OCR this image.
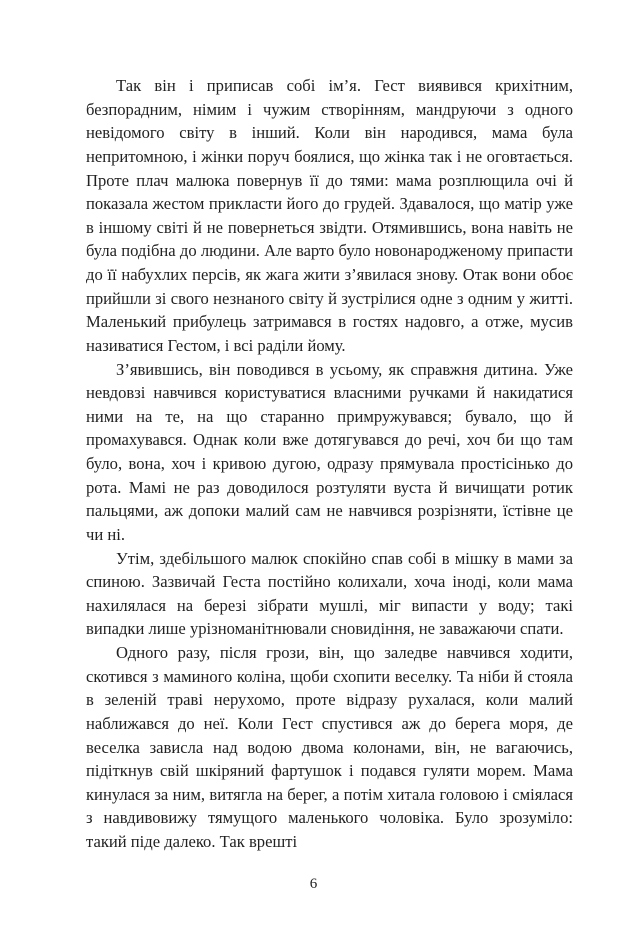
Так він і приписав собі ім’я. Гест виявився крихітним, безпорадним, німим і чужим створінням, мандруючи з одного невідомого світу в інший. Коли він народився, мама була непритомною, і жінки поруч боялися, що жінка так і не оговтається. Проте плач малюка повернув її до тями: мама розплющила очі й показала жестом прикласти його до грудей. Здавалося, що матір уже в іншому світі й не повернеться звідти. Отямившись, вона навіть не була подібна до людини. Але варто було новонародженому припасти до її набухлих персів, як жага жити з’явилася знову. Отак вони обоє прийшли зі свого незнаного світу й зустрілися одне з одним у житті. Маленький прибулець затримався в гостях надовго, а отже, мусив називатися Гестом, і всі раділи йому.

З’явившись, він поводився в усьому, як справжня дитина. Уже невдовзі навчився користуватися власними ручками й накидатися ними на те, на що старанно примружувався; бувало, що й промахувався. Однак коли вже дотягувався до речі, хоч би що там було, вона, хоч і кривою дугою, одразу прямувала простісінько до рота. Мамі не раз доводилося розтуляти вуста й вичищати ротик пальцями, аж допоки малий сам не навчився розрізняти, їстівне це чи ні.

Утім, здебільшого малюк спокійно спав собі в мішку в мами за спиною. Зазвичай Геста постійно колихали, хоча іноді, коли мама нахилялася на березі зібрати мушлі, міг випасти у воду; такі випадки лише урізноманітнювали сновидіння, не заважаючи спати.

Одного разу, після грози, він, що заледве навчився ходити, скотився з маминого коліна, щоби схопити веселку. Та ніби й стояла в зеленій траві нерухомо, проте відразу рухалася, коли малий наближався до неї. Коли Гест спустився аж до берега моря, де веселка зависла над водою двома колонами, він, не вагаючись, підіткнув свій шкіряний фартушок і подався гуляти морем. Мама кинулася за ним, витягла на берег, а потім хитала головою і сміялася з навдивовижу тямущого маленького чоловіка. Було зрозуміло: такий піде далеко. Так врешті

6
